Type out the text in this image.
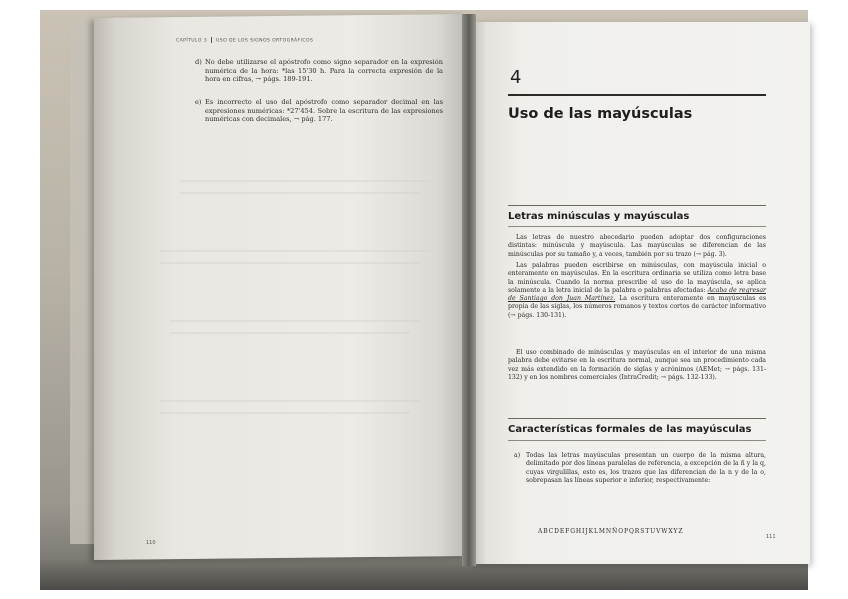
CAPÍTULO 3 USO DE LOS SIGNOS ORTOGRÁFICOS
d) No debe utilizarse el apóstrofo como signo separador en la expresión numérica de la hora: *las 15'30 h. Para la correcta expresión de la hora en cifras, → págs. 189-191.
e) Es incorrecto el uso del apóstrofo como separador decimal en las expresiones numéricas: *27'454. Sobre la escritura de las expresiones numéricas con decimales, → pág. 177.
110
4
Uso de las mayúsculas
Letras minúsculas y mayúsculas
Las letras de nuestro abecedario pueden adoptar dos configuraciones distintas: minúscula y mayúscula. Las mayúsculas se diferencian de las minúsculas por su tamaño y, a veces, también por su trazo (→ pág. 3).
Las palabras pueden escribirse en minúsculas, con mayúscula inicial o enteramente en mayúsculas. En la escritura ordinaria se utiliza como letra base la minúscula. Cuando la norma prescribe el uso de la mayúscula, se aplica solamente a la letra inicial de la palabra o palabras afectadas: Acaba de regresar de Santiago don Juan Martínez. La escritura enteramente en mayúsculas es propia de las siglas, los números romanos y textos cortos de carácter informativo (→ págs. 130-131).
El uso combinado de minúsculas y mayúsculas en el interior de una misma palabra debe evitarse en la escritura normal, aunque sea un procedimiento cada vez más extendido en la formación de siglas y acrónimos (AEMet; → págs. 131-132) y en los nombres comerciales (IntraCredit; → págs. 132-133).
Características formales de las mayúsculas
a) Todas las letras mayúsculas presentan un cuerpo de la misma altura, delimitado por dos líneas paralelas de referencia, a excepción de la ñ y la q, cuyas virgulillas, esto es, los trazos que las diferencian de la n y de la o, sobrepasan las líneas superior e inferior, respectivamente:
ABCDEFGHIJKLMNÑOPQRSTUVWXYZ
111
